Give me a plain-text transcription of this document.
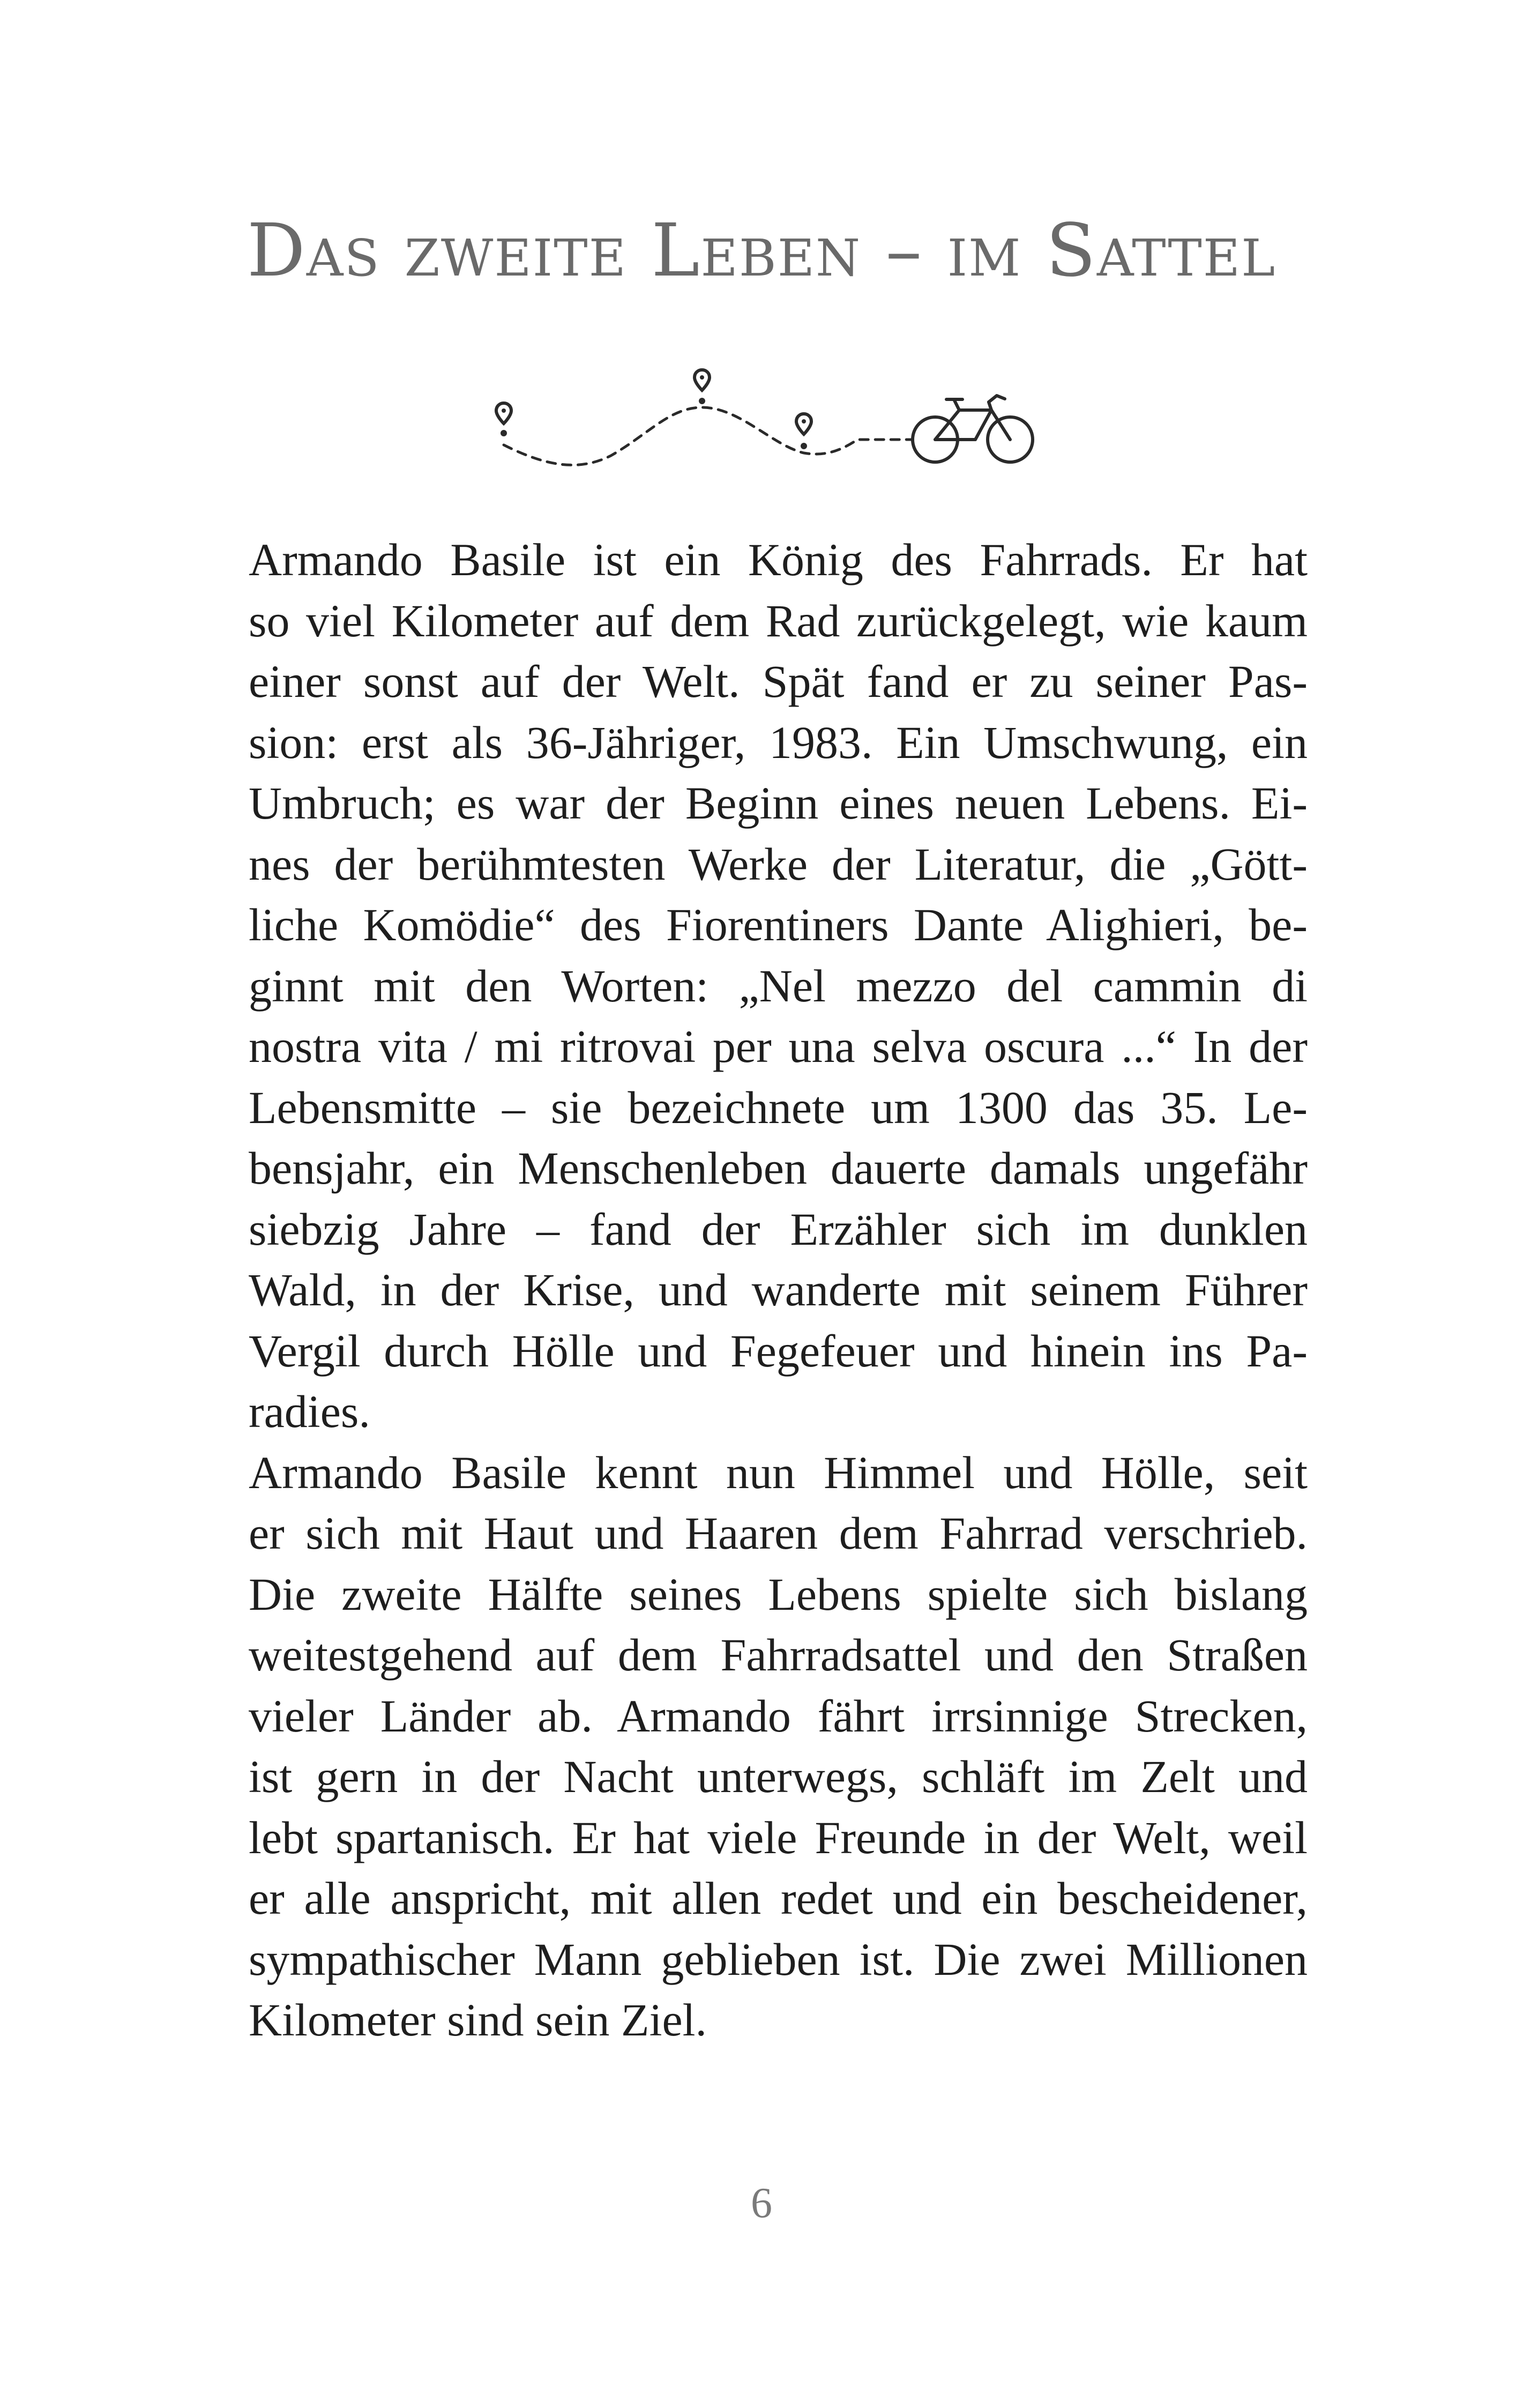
Das zweite Leben – im Sattel

Armando Basile ist ein König des Fahrrads. Er hat
so viel Kilometer auf dem Rad zurückgelegt, wie kaum
einer sonst auf der Welt. Spät fand er zu seiner Pas-
sion: erst als 36-Jähriger, 1983. Ein Umschwung, ein
Umbruch; es war der Beginn eines neuen Lebens. Ei-
nes der berühmtesten Werke der Literatur, die „Gött-
liche Komödie“ des Fiorentiners Dante Alighieri, be-
ginnt mit den Worten: „Nel mezzo del cammin di
nostra vita / mi ritrovai per una selva oscura ...“ In der
Lebensmitte – sie bezeichnete um 1300 das 35. Le-
bensjahr, ein Menschenleben dauerte damals ungefähr
siebzig Jahre – fand der Erzähler sich im dunklen
Wald, in der Krise, und wanderte mit seinem Führer
Vergil durch Hölle und Fegefeuer und hinein ins Pa-
radies.

Armando Basile kennt nun Himmel und Hölle, seit
er sich mit Haut und Haaren dem Fahrrad verschrieb.
Die zweite Hälfte seines Lebens spielte sich bislang
weitestgehend auf dem Fahrradsattel und den Straßen
vieler Länder ab. Armando fährt irrsinnige Strecken,
ist gern in der Nacht unterwegs, schläft im Zelt und
lebt spartanisch. Er hat viele Freunde in der Welt, weil
er alle anspricht, mit allen redet und ein bescheidener,
sympathischer Mann geblieben ist. Die zwei Millionen
Kilometer sind sein Ziel.

6
